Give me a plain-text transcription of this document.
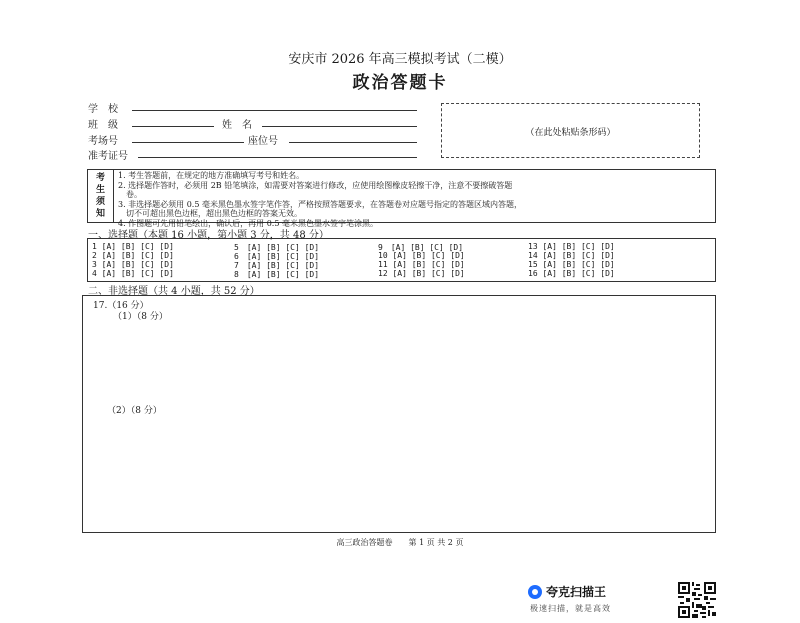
安庆市 2026 年高三模拟考试（二模）
政治答题卡
学　校
班　级	姓　名
考场号	座位号
准考证号
（在此处粘贴条形码）
考
生
须
知
1. 考生答题前，在规定的地方准确填写考号和姓名。
2. 选择题作答时，必须用 2B 铅笔填涂，如需要对答案进行修改，应使用绘图橡皮轻擦干净，注意不要擦破答题
　卷。
3. 非选择题必须用 0.5 毫米黑色墨水签字笔作答，严格按照答题要求，在答题卷对应题号指定的答题区域内答题，
　切不可超出黑色边框，超出黑色边框的答案无效。
4. 作图题可先用铅笔绘出，确认后，再用 0.5 毫米黑色墨水签字笔涂黑。
一、选择题（本题 16 小题，第小题 3 分，共 48 分）
1 [A] [B] [C] [D]
2 [A] [B] [C] [D]
3 [A] [B] [C] [D]
4 [A] [B] [C] [D]
5　[A] [B] [C] [D]
6　[A] [B] [C] [D]
7　[A] [B] [C] [D]
8　[A] [B] [C] [D]
9　[A] [B] [C] [D]
10 [A] [B] [C] [D]
11 [A] [B] [C] [D]
12 [A] [B] [C] [D]
13 [A] [B] [C] [D]
14 [A] [B] [C] [D]
15 [A] [B] [C] [D]
16 [A] [B] [C] [D]
二、非选择题（共 4 小题，共 52 分）
17.（16 分）
（1）（8 分）
（2）（8 分）
高三政治答题卷　　第 1 页 共 2 页
夸克扫描王
极速扫描，就是高效
